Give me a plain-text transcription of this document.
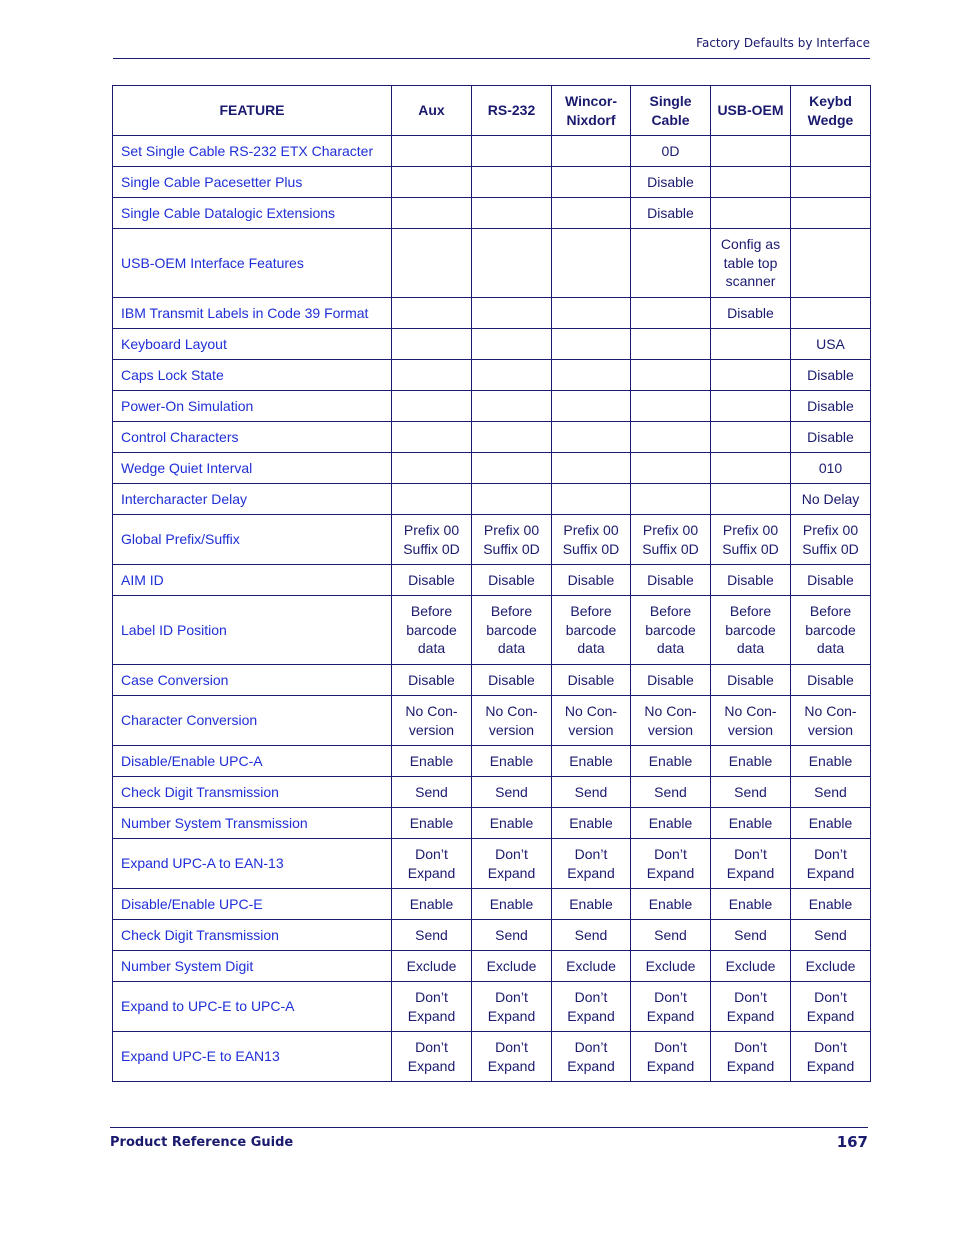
Factory Defaults by Interface
FEATURE	Aux	RS-232	Wincor-
Nixdorf	Single
Cable	USB-OEM	Keybd
Wedge

Set Single Cable RS-232 ETX Character				0D		

Single Cable Pacesetter Plus				Disable		

Single Cable Datalogic Extensions				Disable		

USB-OEM Interface Features					Config as
table top
scanner	

IBM Transmit Labels in Code 39 Format					Disable	

Keyboard Layout						USA

Caps Lock State						Disable

Power-On Simulation						Disable

Control Characters						Disable

Wedge Quiet Interval						010

Intercharacter Delay						No Delay

Global Prefix/Suffix	Prefix 00
Suffix 0D	Prefix 00
Suffix 0D	Prefix 00
Suffix 0D	Prefix 00
Suffix 0D	Prefix 00
Suffix 0D	Prefix 00
Suffix 0D

AIM ID	Disable	Disable	Disable	Disable	Disable	Disable

Label ID Position	Before
barcode
data	Before
barcode
data	Before
barcode
data	Before
barcode
data	Before
barcode
data	Before
barcode
data

Case Conversion	Disable	Disable	Disable	Disable	Disable	Disable

Character Conversion	No Con-
version	No Con-
version	No Con-
version	No Con-
version	No Con-
version	No Con-
version

Disable/Enable UPC-A	Enable	Enable	Enable	Enable	Enable	Enable

Check Digit Transmission	Send	Send	Send	Send	Send	Send

Number System Transmission	Enable	Enable	Enable	Enable	Enable	Enable

Expand UPC-A to EAN-13	Don’t
Expand	Don’t
Expand	Don’t
Expand	Don’t
Expand	Don’t
Expand	Don’t
Expand

Disable/Enable UPC-E	Enable	Enable	Enable	Enable	Enable	Enable

Check Digit Transmission	Send	Send	Send	Send	Send	Send

Number System Digit	Exclude	Exclude	Exclude	Exclude	Exclude	Exclude

Expand to UPC-E to UPC-A	Don’t
Expand	Don’t
Expand	Don’t
Expand	Don’t
Expand	Don’t
Expand	Don’t
Expand

Expand UPC-E to EAN13	Don’t
Expand	Don’t
Expand	Don’t
Expand	Don’t
Expand	Don’t
Expand	Don’t
Expand
Product Reference Guide	167
